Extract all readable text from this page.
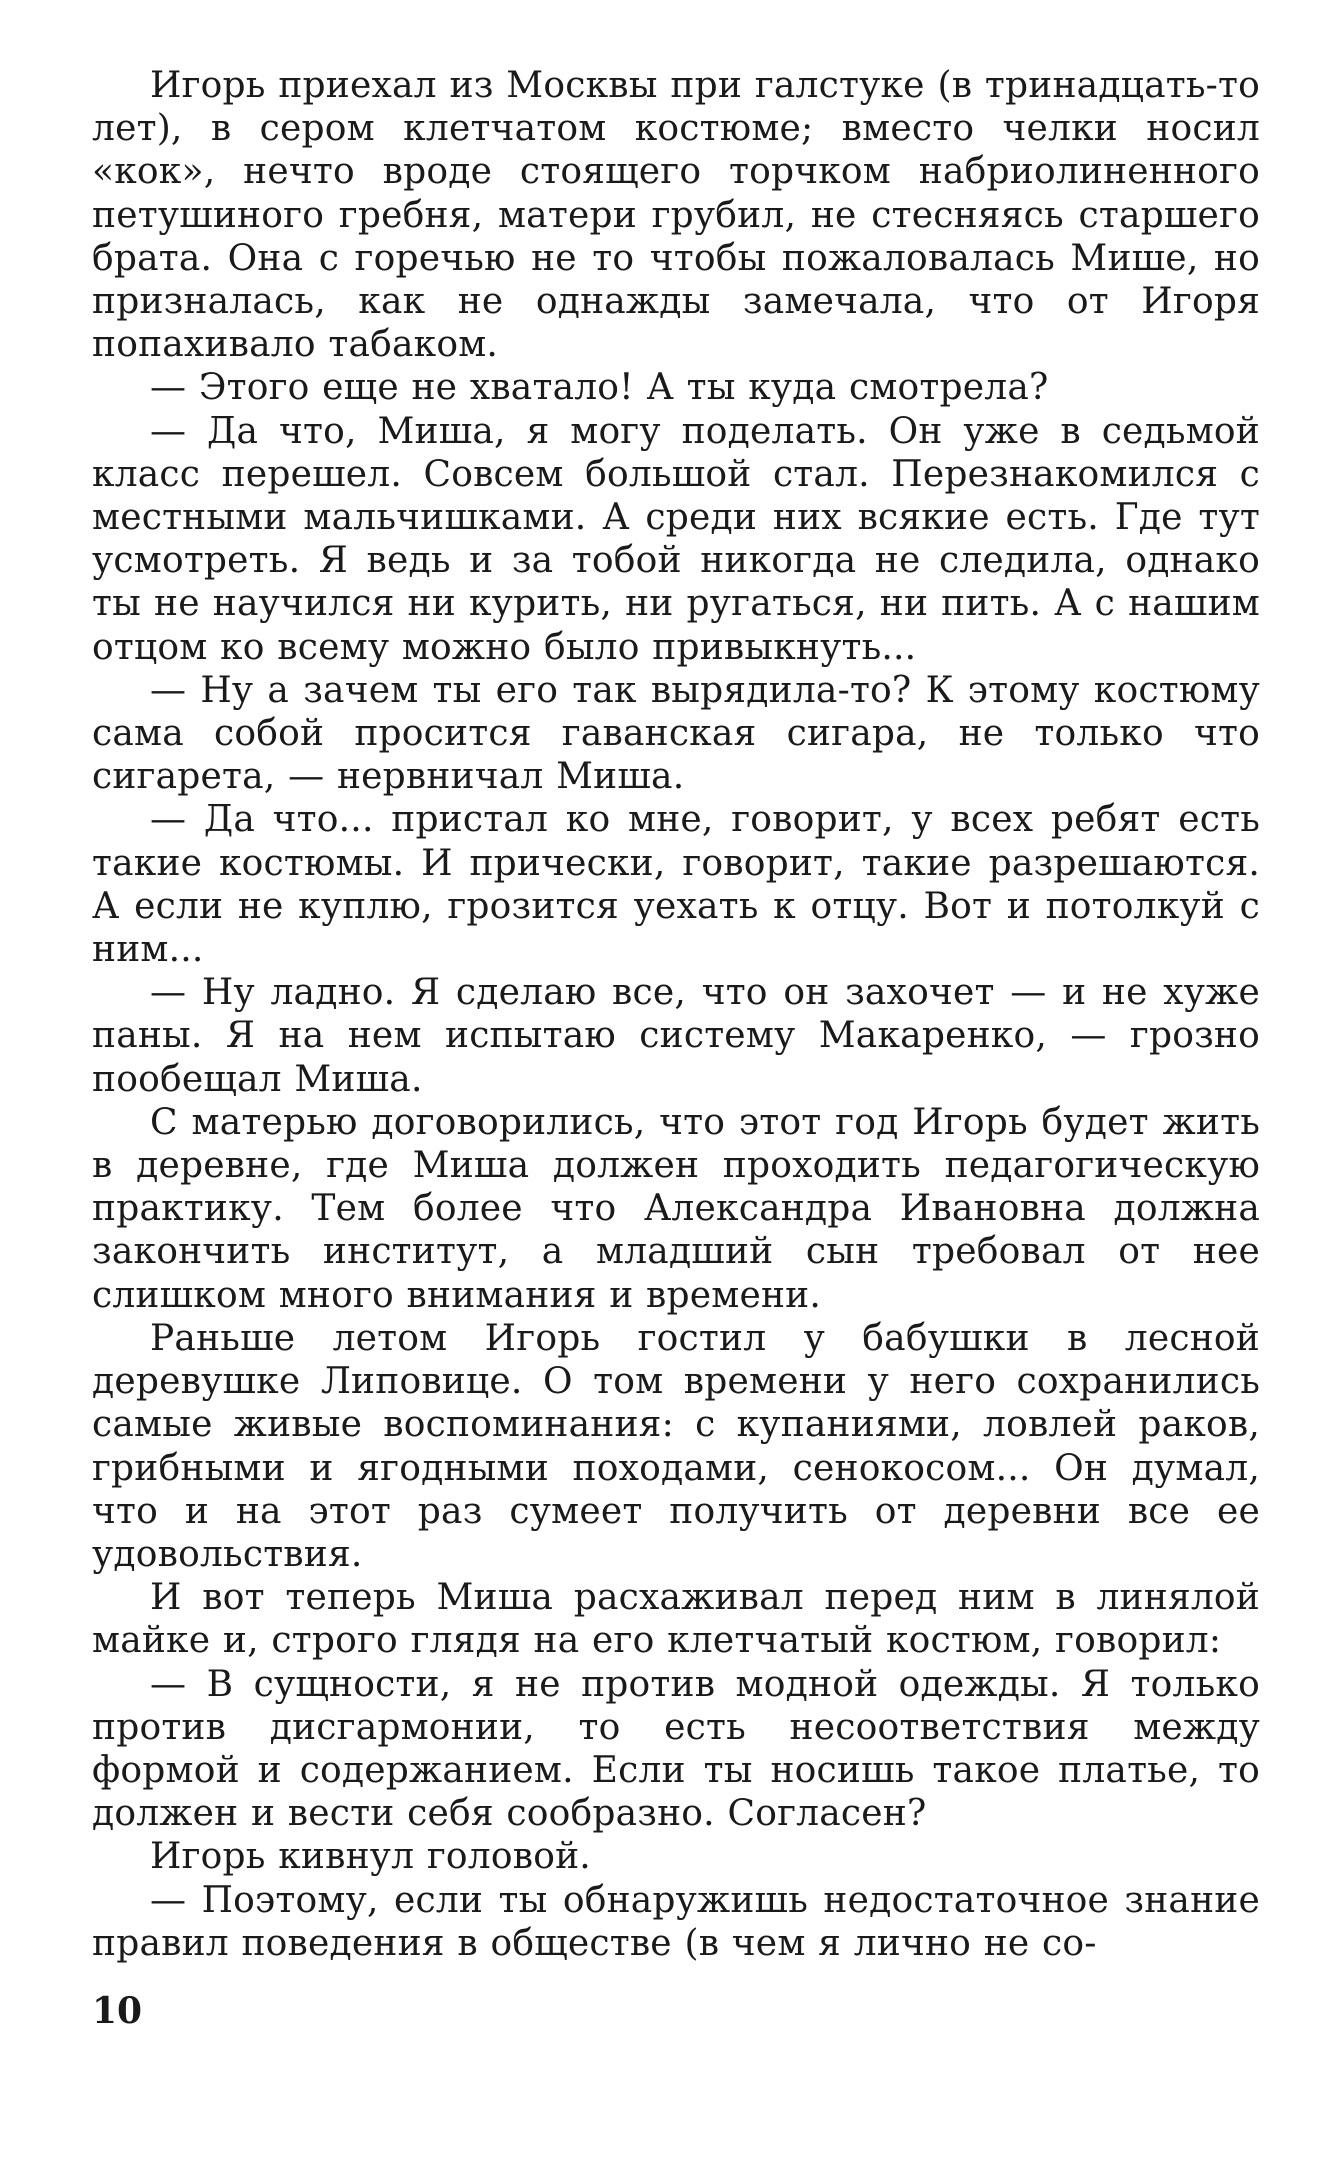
Игорь приехал из Москвы при галстуке (в тринадцать-то лет), в сером клетчатом костюме; вместо челки носил «кок», нечто вроде стоящего торчком набриолиненного петушиного гребня, матери грубил, не стесняясь старшего брата. Она с горечью не то чтобы пожаловалась Мише, но призналась, как не однажды замечала, что от Игоря попахивало табаком.

— Этого еще не хватало! А ты куда смотрела?

— Да что, Миша, я могу поделать. Он уже в седьмой класс перешел. Совсем большой стал. Перезнакомился с местными мальчишками. А среди них всякие есть. Где тут усмотреть. Я ведь и за тобой никогда не следила, однако ты не научился ни курить, ни ругаться, ни пить. А с нашим отцом ко всему можно было привыкнуть...

— Ну а зачем ты его так вырядила-то? К этому костюму сама собой просится гаванская сигара, не только что сигарета, — нервничал Миша.

— Да что... пристал ко мне, говорит, у всех ребят есть такие костюмы. И прически, говорит, такие разрешаются. А если не куплю, грозится уехать к отцу. Вот и потолкуй с ним...

— Ну ладно. Я сделаю все, что он захочет — и не хуже паны. Я на нем испытаю систему Макаренко, — грозно пообещал Миша.

С матерью договорились, что этот год Игорь будет жить в деревне, где Миша должен проходить педагогическую практику. Тем более что Александра Ивановна должна закончить институт, а младший сын требовал от нее слишком много внимания и времени.

Раньше летом Игорь гостил у бабушки в лесной деревушке Липовице. О том времени у него сохранились самые живые воспоминания: с купаниями, ловлей раков, грибными и ягодными походами, сенокосом... Он думал, что и на этот раз сумеет получить от деревни все ее удовольствия.

И вот теперь Миша расхаживал перед ним в линялой майке и, строго глядя на его клетчатый костюм, говорил:

— В сущности, я не против модной одежды. Я только против дисгармонии, то есть несоответствия между формой и содержанием. Если ты носишь такое платье, то должен и вести себя сообразно. Согласен?

Игорь кивнул головой.

— Поэтому, если ты обнаружишь недостаточное знание правил поведения в обществе (в чем я лично не со-

10
